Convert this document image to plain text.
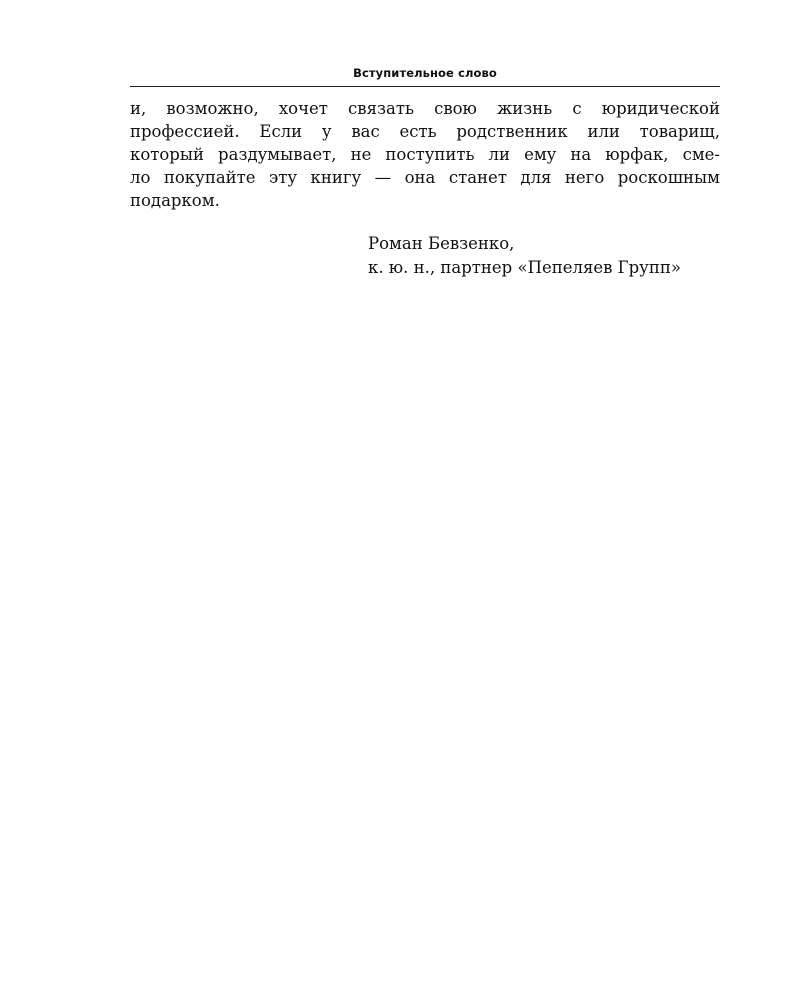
Вступительное слово
и, возможно, хочет связать свою жизнь с юридической
профессией. Если у вас есть родственник или товарищ,
который раздумывает, не поступить ли ему на юрфак, сме-
ло покупайте эту книгу — она станет для него роскошным
подарком.
Роман Бевзенко,
к. ю. н., партнер «Пепеляев Групп»
